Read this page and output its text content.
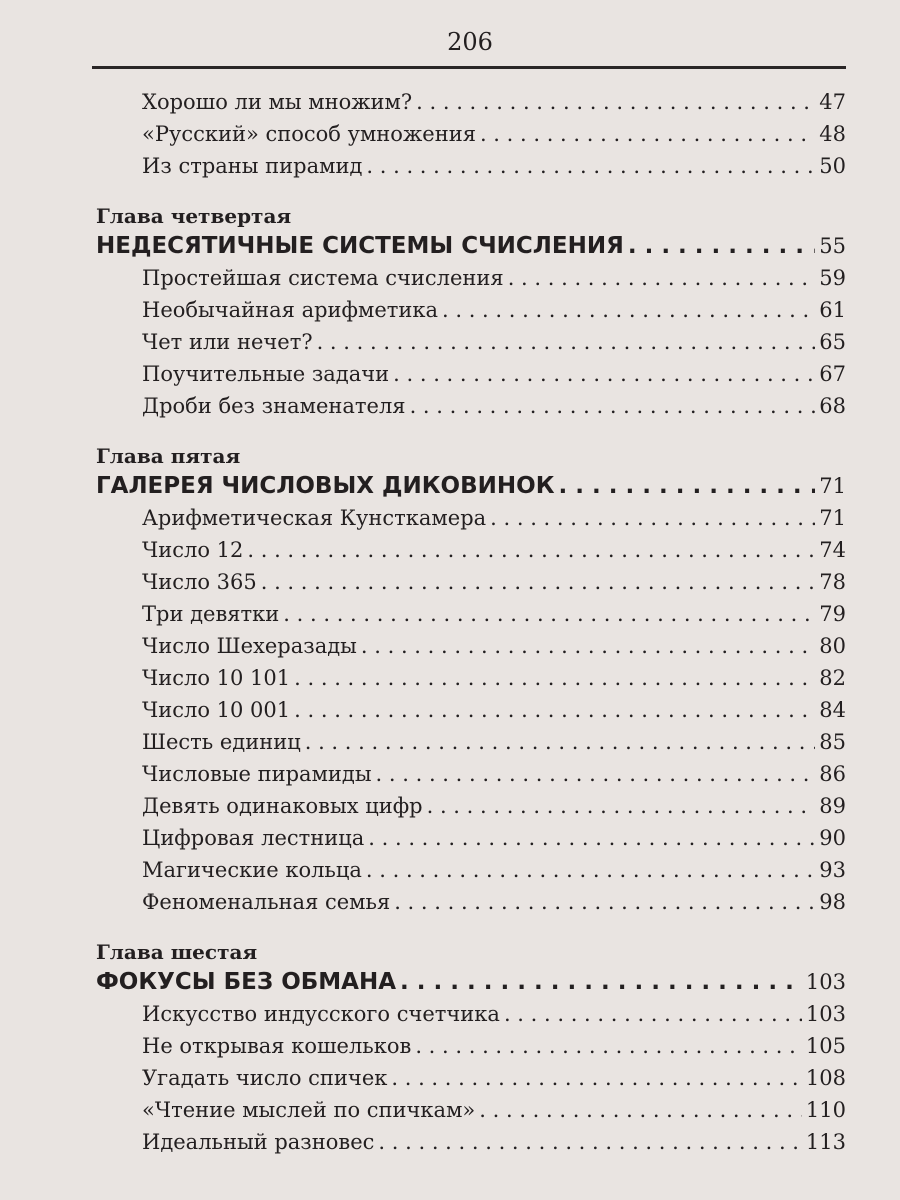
206
Хорошо ли мы множим? . . .	47
«Русский» способ умножения . . .	48
Из страны пирамид . . .	50
Глава четвертая
НЕДЕСЯТИЧНЫЕ СИСТЕМЫ СЧИСЛЕНИЯ . . .	55
Простейшая система счисления . . .	59
Необычайная арифметика . . .	61
Чет или нечет? . . .	65
Поучительные задачи . . .	67
Дроби без знаменателя . . .	68
Глава пятая
ГАЛЕРЕЯ ЧИСЛОВЫХ ДИКОВИНОК . . .	71
Арифметическая Кунсткамера . . .	71
Число 12 . . .	74
Число 365 . . .	78
Три девятки . . .	79
Число Шехеразады . . .	80
Число 10 101 . . .	82
Число 10 001 . . .	84
Шесть единиц . . .	85
Числовые пирамиды . . .	86
Девять одинаковых цифр . . .	89
Цифровая лестница . . .	90
Магические кольца . . .	93
Феноменальная семья . . .	98
Глава шестая
ФОКУСЫ БЕЗ ОБМАНА . . .	103
Искусство индусского счетчика . . .	103
Не открывая кошельков . . .	105
Угадать число спичек . . .	108
«Чтение мыслей по спичкам» . . .	110
Идеальный разновес . . .	113
